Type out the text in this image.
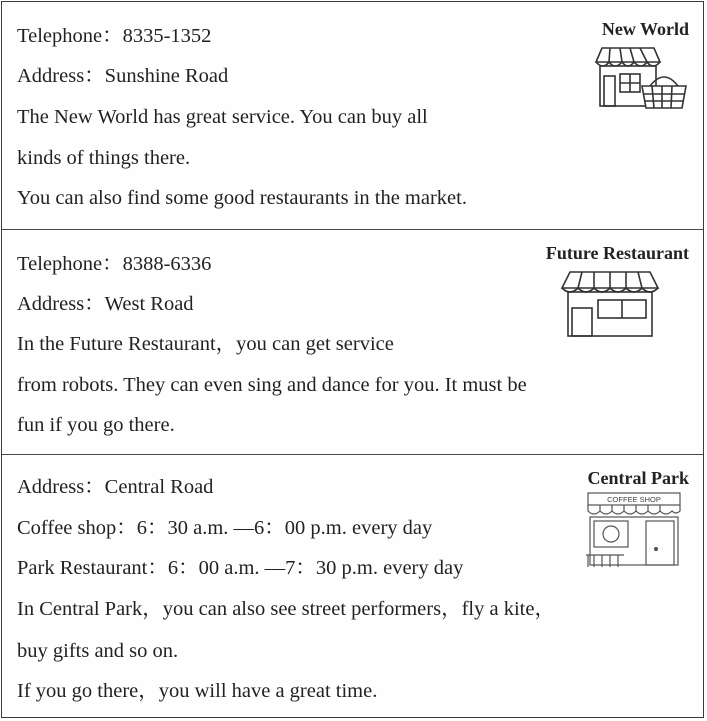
New World
Telephone：8335-1352
Address：Sunshine Road
The New World has great service. You can buy all
kinds of things there.
You can also find some good restaurants in the market.
Future Restaurant
Telephone：8388-6336
Address：West Road
In the Future Restaurant，you can get service
from robots. They can even sing and dance for you. It must be
fun if you go there.
Central Park
COFFEE SHOP
Address：Central Road
Coffee shop：6：30 a.m. —6：00 p.m. every day
Park Restaurant：6：00 a.m. —7：30 p.m. every day
In Central Park，you can also see street performers，fly a kite，
buy gifts and so on.
If you go there，you will have a great time.
